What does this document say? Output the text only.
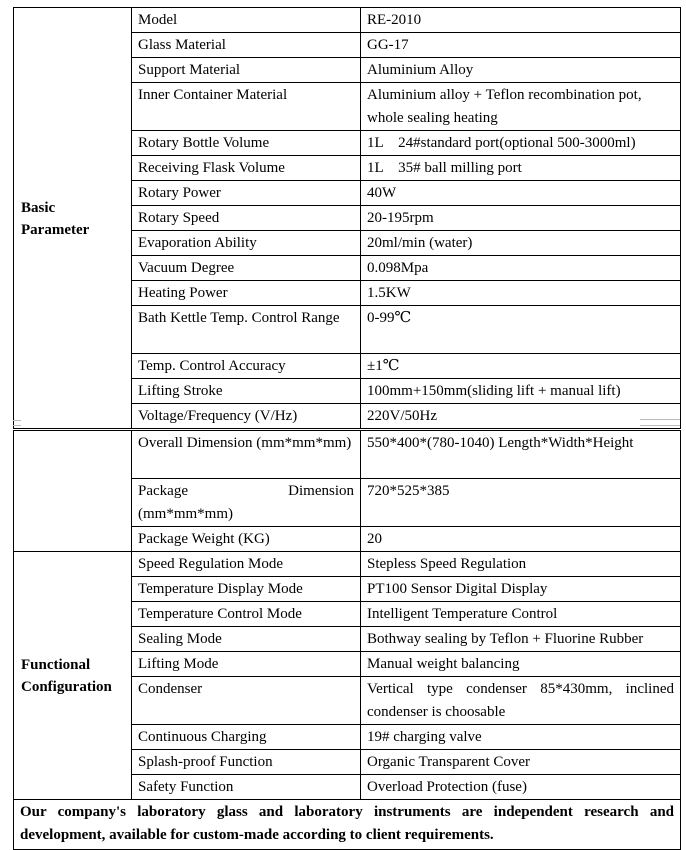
Basic
Parameter	Model	RE-2010
	Glass Material	GG-17
	Support Material	Aluminium Alloy
	Inner Container Material	Aluminium alloy + Teflon recombination pot, whole sealing heating
	Rotary Bottle Volume	1L    24#standard port(optional 500-3000ml)
	Receiving Flask Volume	1L    35# ball milling port
	Rotary Power	40W
	Rotary Speed	20-195rpm
	Evaporation Ability	20ml/min (water)
	Vacuum Degree	0.098Mpa
	Heating Power	1.5KW
	Bath Kettle Temp. Control Range	0-99℃
	Temp. Control Accuracy	±1℃
	Lifting Stroke	100mm+150mm(sliding lift + manual lift)
	Voltage/Frequency (V/Hz)	220V/50Hz
	Overall Dimension (mm*mm*mm)	550*400*(780-1040) Length*Width*Height
	Package Dimension (mm*mm*mm)	720*525*385
	Package Weight (KG)	20

Functional
Configuration	Speed Regulation Mode	Stepless Speed Regulation
	Temperature Display Mode	PT100 Sensor Digital Display
	Temperature Control Mode	Intelligent Temperature Control
	Sealing Mode	Bothway sealing by Teflon + Fluorine Rubber
	Lifting Mode	Manual weight balancing
	Condenser	Vertical type condenser 85*430mm, inclined condenser is choosable
	Continuous Charging	19# charging valve
	Splash-proof Function	Organic Transparent Cover
	Safety Function	Overload Protection (fuse)
Our company's laboratory glass and laboratory instruments are independent research and development, available for custom-made according to client requirements.		
